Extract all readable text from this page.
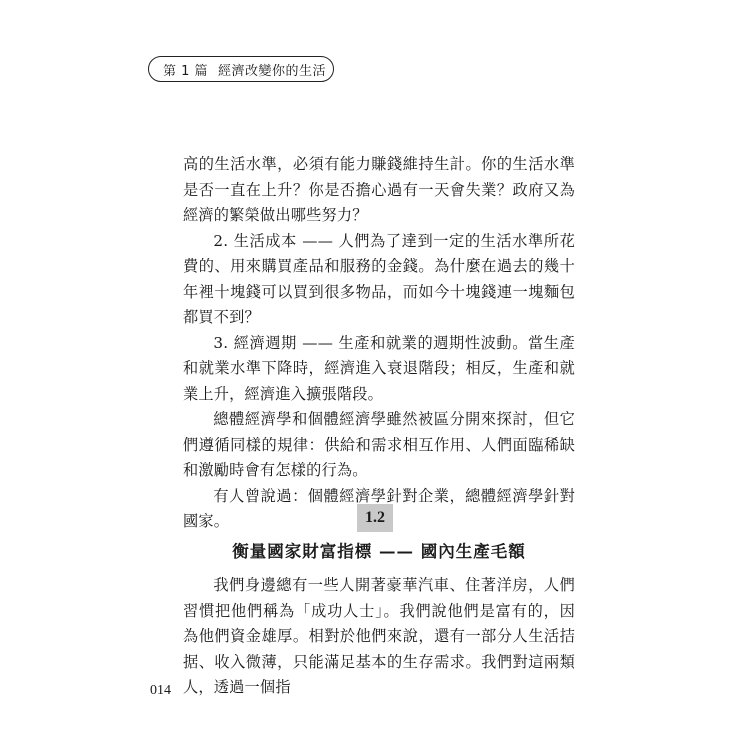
第 1 篇 經濟改變你的生活

高的生活水準，必須有能力賺錢維持生計。你的生活水準是否一直在上升？你是否擔心過有一天會失業？政府又為經濟的繁榮做出哪些努力？

2. 生活成本 —— 人們為了達到一定的生活水準所花費的、用來購買產品和服務的金錢。為什麼在過去的幾十年裡十塊錢可以買到很多物品，而如今十塊錢連一塊麵包都買不到？

3. 經濟週期 —— 生產和就業的週期性波動。當生產和就業水準下降時，經濟進入衰退階段；相反，生產和就業上升，經濟進入擴張階段。

總體經濟學和個體經濟學雖然被區分開來探討，但它們遵循同樣的規律：供給和需求相互作用、人們面臨稀缺和激勵時會有怎樣的行為。

有人曾說過：個體經濟學針對企業，總體經濟學針對國家。	1.2
衡量國家財富指標 —— 國內生產毛額

我們身邊總有一些人開著豪華汽車、住著洋房，人們習慣把他們稱為「成功人士」。我們說他們是富有的，因為他們資金雄厚。相對於他們來說，還有一部分人生活拮据、收入微薄，只能滿足基本的生存需求。我們對這兩類人，透過一個指

014
